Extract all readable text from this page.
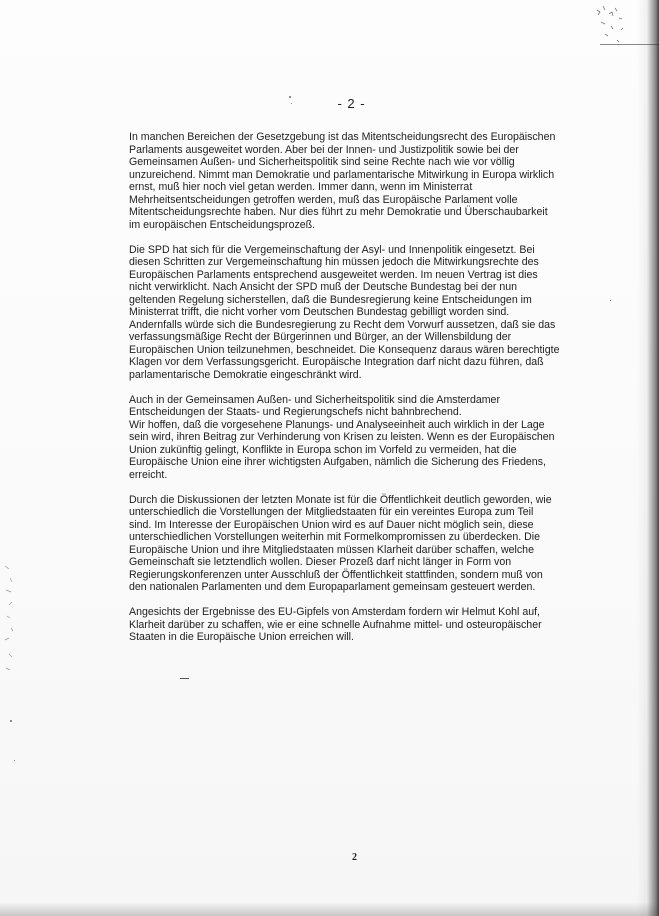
- 2 -

In manchen Bereichen der Gesetzgebung ist das Mitentscheidungsrecht des Europäischen
Parlaments ausgeweitet worden. Aber bei der Innen- und Justizpolitik sowie bei der
Gemeinsamen Außen- und Sicherheitspolitik sind seine Rechte nach wie vor völlig
unzureichend. Nimmt man Demokratie und parlamentarische Mitwirkung in Europa wirklich
ernst, muß hier noch viel getan werden. Immer dann, wenn im Ministerrat
Mehrheitsentscheidungen getroffen werden, muß das Europäische Parlament volle
Mitentscheidungsrechte haben. Nur dies führt zu mehr Demokratie und Überschaubarkeit
im europäischen Entscheidungsprozeß.

Die SPD hat sich für die Vergemeinschaftung der Asyl- und Innenpolitik eingesetzt. Bei
diesen Schritten zur Vergemeinschaftung hin müssen jedoch die Mitwirkungsrechte des
Europäischen Parlaments entsprechend ausgeweitet werden. Im neuen Vertrag ist dies
nicht verwirklicht. Nach Ansicht der SPD muß der Deutsche Bundestag bei der nun
geltenden Regelung sicherstellen, daß die Bundesregierung keine Entscheidungen im
Ministerrat trifft, die nicht vorher vom Deutschen Bundestag gebilligt worden sind.
Andernfalls würde sich die Bundesregierung zu Recht dem Vorwurf aussetzen, daß sie das
verfassungsmäßige Recht der Bürgerinnen und Bürger, an der Willensbildung der
Europäischen Union teilzunehmen, beschneidet. Die Konsequenz daraus wären berechtigte
Klagen vor dem Verfassungsgericht. Europäische Integration darf nicht dazu führen, daß
parlamentarische Demokratie eingeschränkt wird.

Auch in der Gemeinsamen Außen- und Sicherheitspolitik sind die Amsterdamer
Entscheidungen der Staats- und Regierungschefs nicht bahnbrechend.
Wir hoffen, daß die vorgesehene Planungs- und Analyseeinheit auch wirklich in der Lage
sein wird, ihren Beitrag zur Verhinderung von Krisen zu leisten. Wenn es der Europäischen
Union zukünftig gelingt, Konflikte in Europa schon im Vorfeld zu vermeiden, hat die
Europäische Union eine ihrer wichtigsten Aufgaben, nämlich die Sicherung des Friedens,
erreicht.

Durch die Diskussionen der letzten Monate ist für die Öffentlichkeit deutlich geworden, wie
unterschiedlich die Vorstellungen der Mitgliedstaaten für ein vereintes Europa zum Teil
sind. Im Interesse der Europäischen Union wird es auf Dauer nicht möglich sein, diese
unterschiedlichen Vorstellungen weiterhin mit Formelkompromissen zu überdecken. Die
Europäische Union und ihre Mitgliedstaaten müssen Klarheit darüber schaffen, welche
Gemeinschaft sie letztendlich wollen. Dieser Prozeß darf nicht länger in Form von
Regierungskonferenzen unter Ausschluß der Öffentlichkeit stattfinden, sondern muß von
den nationalen Parlamenten und dem Europaparlament gemeinsam gesteuert werden.

Angesichts der Ergebnisse des EU-Gipfels von Amsterdam fordern wir Helmut Kohl auf,
Klarheit darüber zu schaffen, wie er eine schnelle Aufnahme mittel- und osteuropäischer
Staaten in die Europäische Union erreichen will.

2
